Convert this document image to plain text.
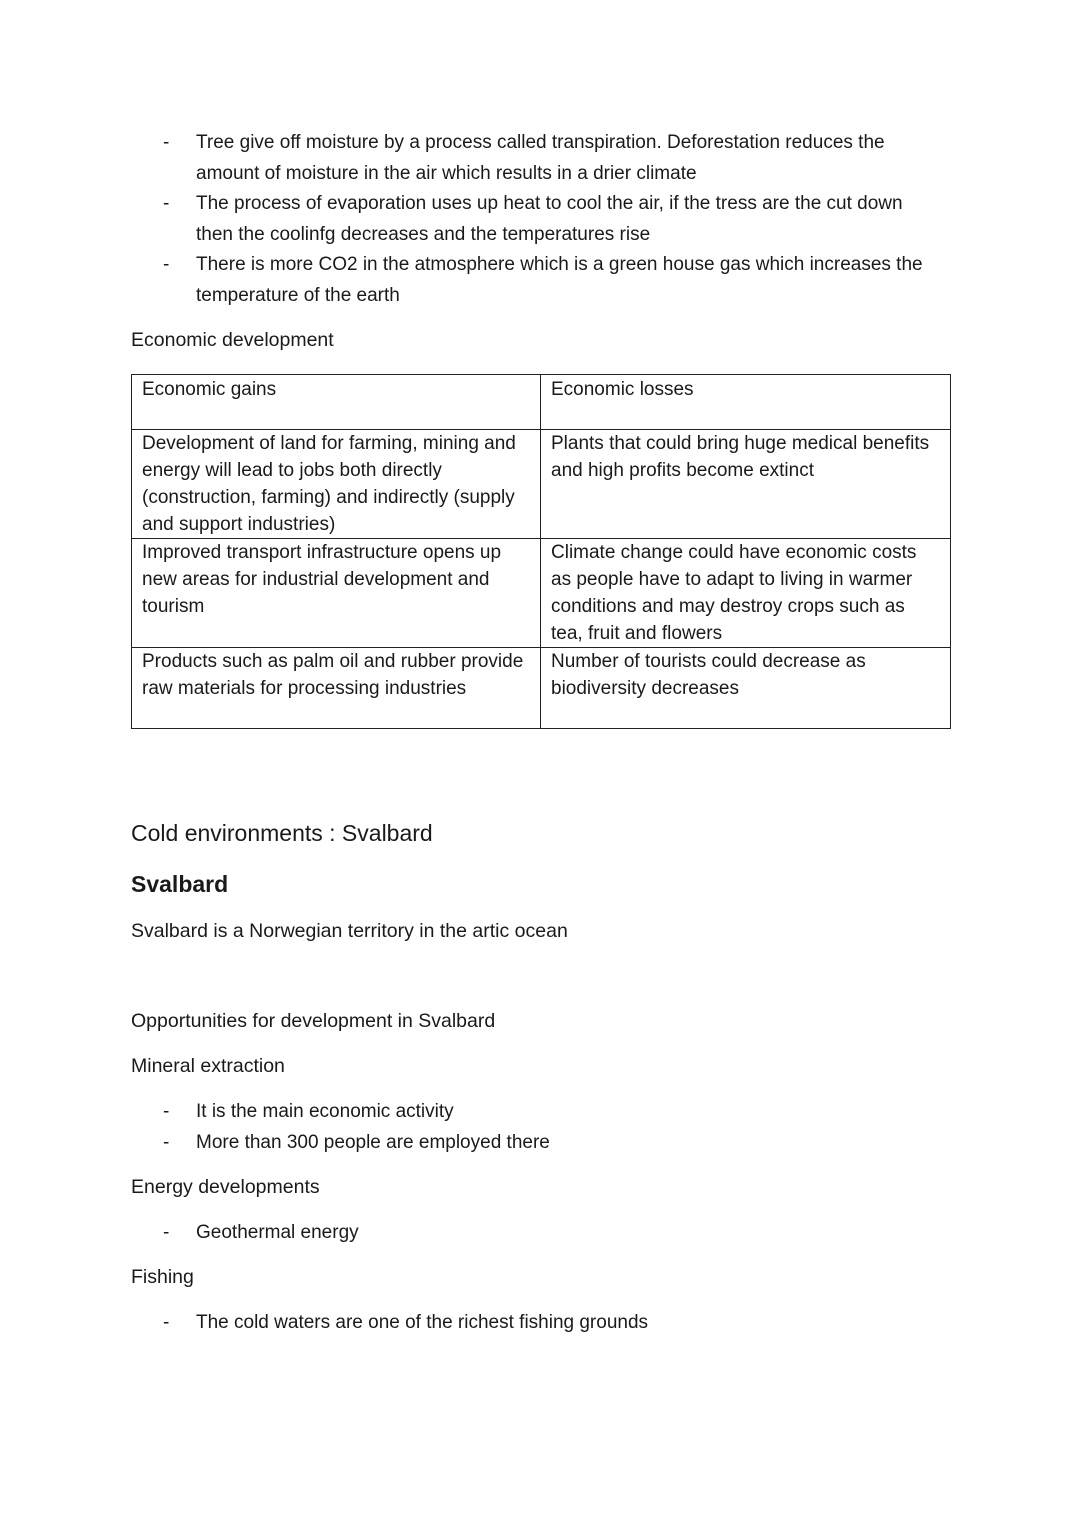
- Tree give off moisture by a process called transpiration. Deforestation reduces the amount of moisture in the air which results in a drier climate
- The process of evaporation uses up heat to cool the air, if the tress are the cut down then the coolinfg decreases and the temperatures rise
- There is more CO2 in the atmosphere which is a green house gas which increases the temperature of the earth
Economic development
Economic gains	Economic losses
Development of land for farming, mining and energy will lead to jobs both directly (construction, farming) and indirectly (supply and support industries)	Plants that could bring huge medical benefits and high profits become extinct
Improved transport infrastructure opens up new areas for industrial development and tourism	Climate change could have economic costs as people have to adapt to living in warmer conditions and may destroy crops such as tea, fruit and flowers
Products such as palm oil and rubber provide raw materials for processing industries	Number of tourists could decrease as biodiversity decreases
Cold environments : Svalbard
Svalbard

Svalbard is a Norwegian territory in the artic ocean

Opportunities for development in Svalbard
Mineral extraction
- It is the main economic activity
- More than 300 people are employed there
Energy developments
- Geothermal energy
Fishing
- The cold waters are one of the richest fishing grounds
